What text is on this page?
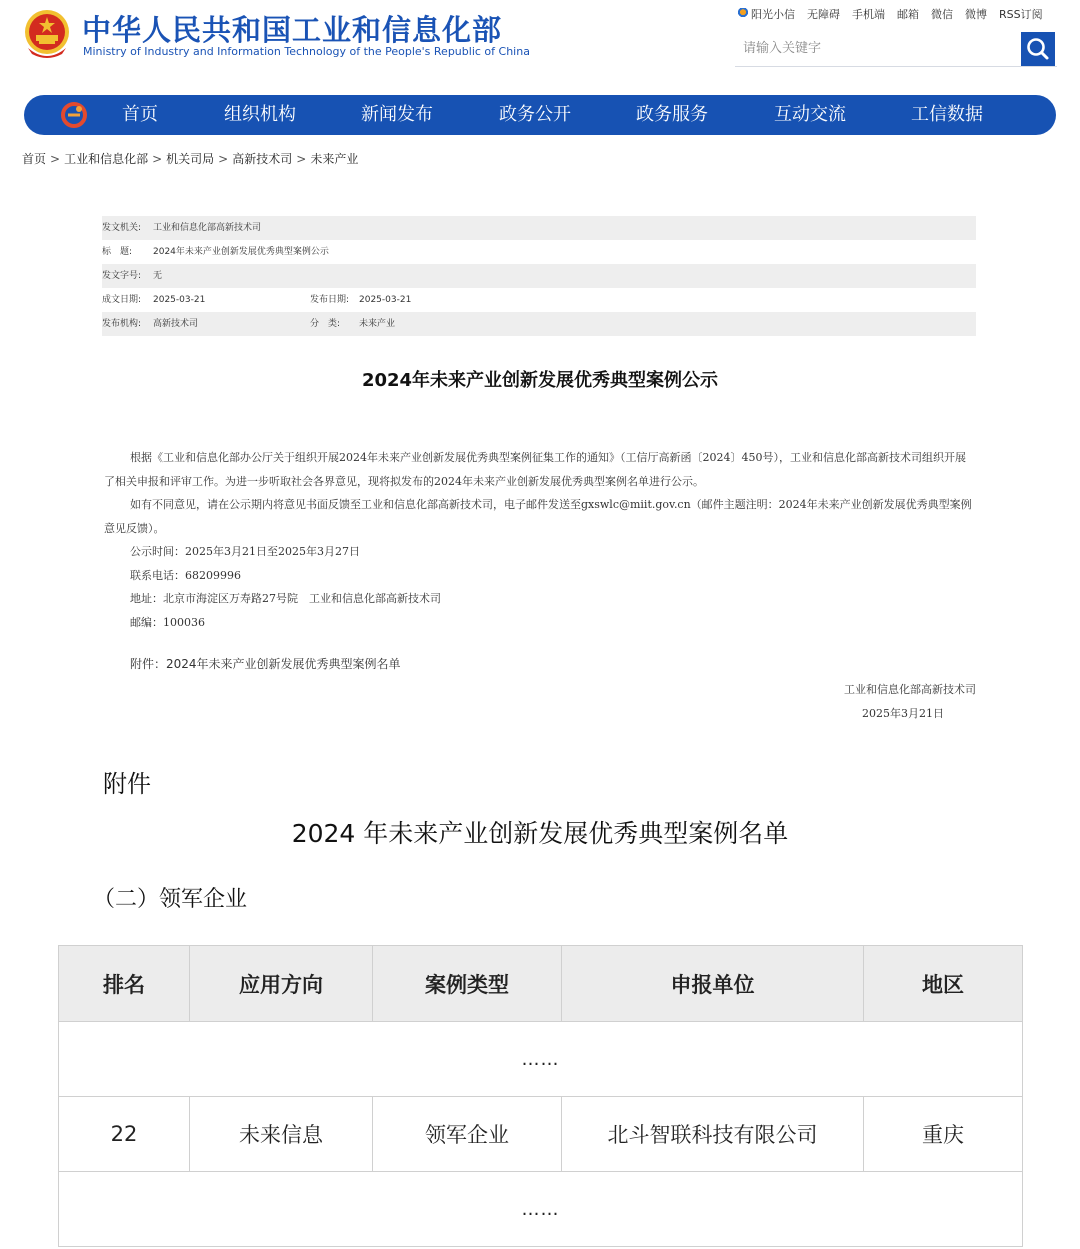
中华人民共和国工业和信息化部
Ministry of Industry and Information Technology of the People's Republic of China
阳光小信 无障碍 手机端 邮箱 微信 微博 RSS订阅
请输入关键字
首页	组织机构	新闻发布	政务公开	政务服务	互动交流	工信数据
首页 > 工业和信息化部 > 机关司局 > 高新技术司 > 未来产业
发文机关: 工业和信息化部高新技术司
标　题: 2024年未来产业创新发展优秀典型案例公示
发文字号: 无
成文日期: 2025-03-21	发布日期: 2025-03-21
发布机构: 高新技术司	分　类: 未来产业
2024年未来产业创新发展优秀典型案例公示

根据《工业和信息化部办公厅关于组织开展2024年未来产业创新发展优秀典型案例征集工作的通知》（工信厅高新函〔2024〕450号），工业和信息化部高新技术司组织开展了相关申报和评审工作。为进一步听取社会各界意见，现将拟发布的2024年未来产业创新发展优秀典型案例名单进行公示。

如有不同意见，请在公示期内将意见书面反馈至工业和信息化部高新技术司，电子邮件发送至gxswlc@miit.gov.cn（邮件主题注明：2024年未来产业创新发展优秀典型案例意见反馈）。

公示时间：2025年3月21日至2025年3月27日

联系电话：68209996

地址：北京市海淀区万寿路27号院　工业和信息化部高新技术司

邮编：100036

附件：2024年未来产业创新发展优秀典型案例名单
工业和信息化部高新技术司
2025年3月21日
附件
2024 年未来产业创新发展优秀典型案例名单
（二）领军企业
排名	应用方向	案例类型	申报单位	地区
……				
22	未来信息	领军企业	北斗智联科技有限公司	重庆
……				
